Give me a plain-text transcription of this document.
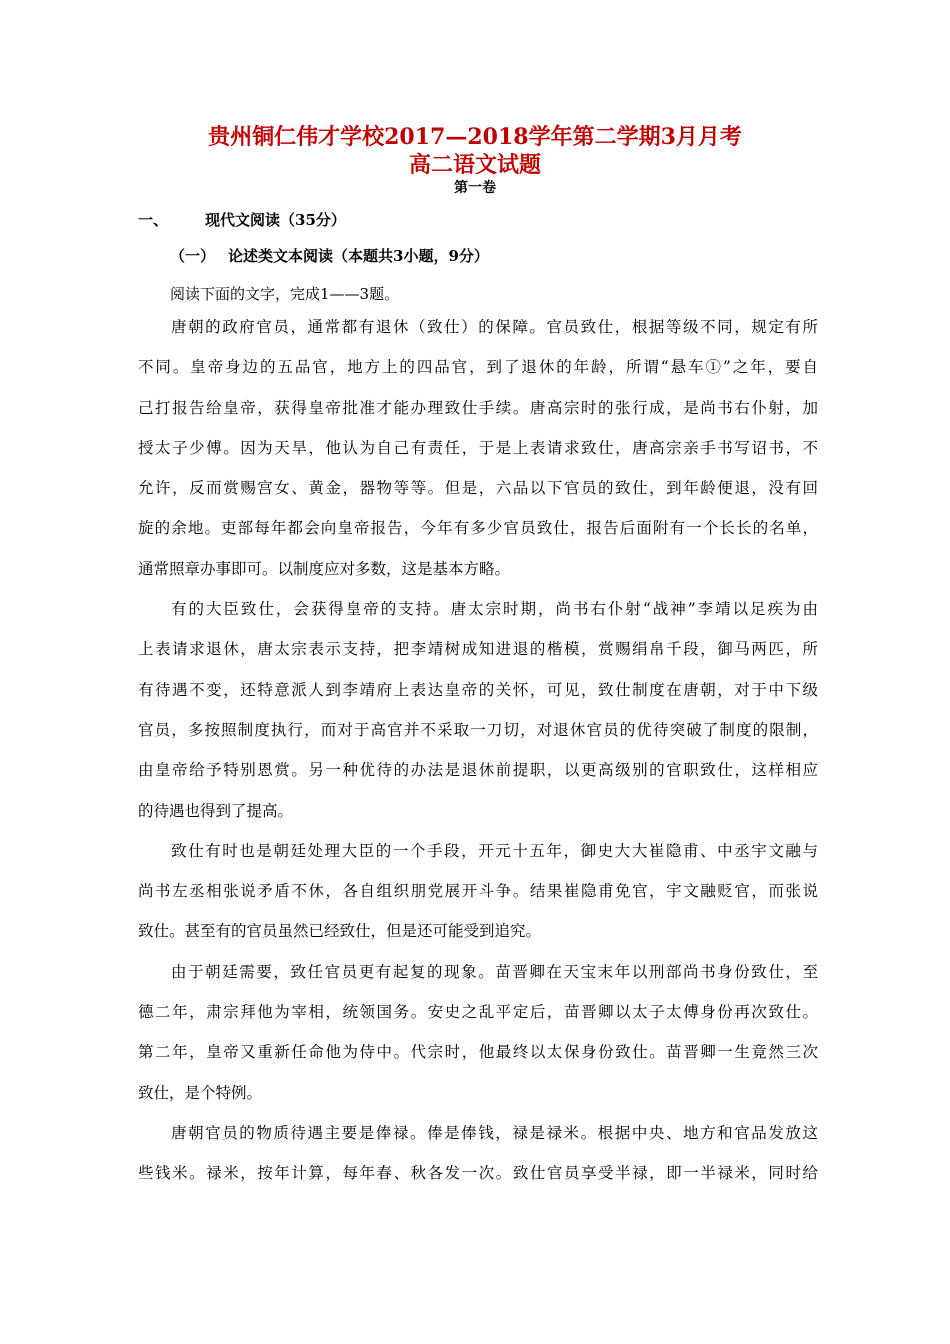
贵州铜仁伟才学校2017—2018学年第二学期3月月考
高二语文试题
第一卷
一、 现代文阅读（35分）
（一） 论述类文本阅读（本题共3小题，9分）
阅读下面的文字，完成1——3题。
唐朝的政府官员，通常都有退休（致仕）的保障。官员致仕，根据等级不同，规定有所
不同。皇帝身边的五品官，地方上的四品官，到了退休的年龄，所谓“悬车①”之年，要自
己打报告给皇帝，获得皇帝批准才能办理致仕手续。唐高宗时的张行成，是尚书右仆射，加
授太子少傅。因为天旱，他认为自己有责任，于是上表请求致仕，唐高宗亲手书写诏书，不
允许，反而赏赐宫女、黄金，器物等等。但是，六品以下官员的致仕，到年龄便退，没有回
旋的余地。吏部每年都会向皇帝报告，今年有多少官员致仕，报告后面附有一个长长的名单，
通常照章办事即可。以制度应对多数，这是基本方略。
有的大臣致仕，会获得皇帝的支持。唐太宗时期，尚书右仆射“战神”李靖以足疾为由
上表请求退休，唐太宗表示支持，把李靖树成知进退的楷模，赏赐绢帛千段，御马两匹，所
有待遇不变，还特意派人到李靖府上表达皇帝的关怀，可见，致仕制度在唐朝，对于中下级
官员，多按照制度执行，而对于高官并不采取一刀切，对退休官员的优待突破了制度的限制，
由皇帝给予特别恩赏。另一种优待的办法是退休前提职，以更高级别的官职致仕，这样相应
的待遇也得到了提高。
致仕有时也是朝廷处理大臣的一个手段，开元十五年，御史大大崔隐甫、中丞宇文融与
尚书左丞相张说矛盾不休，各自组织朋党展开斗争。结果崔隐甫免官，宇文融贬官，而张说
致仕。甚至有的官员虽然已经致仕，但是还可能受到追究。
由于朝廷需要，致任官员更有起复的现象。苗晋卿在天宝末年以刑部尚书身份致仕，至
德二年，肃宗拜他为宰相，统领国务。安史之乱平定后，苗晋卿以太子太傅身份再次致仕。
第二年，皇帝又重新任命他为侍中。代宗时，他最终以太保身份致仕。苗晋卿一生竟然三次
致仕，是个特例。
唐朝官员的物质待遇主要是俸禄。俸是俸钱，禄是禄米。根据中央、地方和官品发放这
些钱米。禄米，按年计算，每年春、秋各发一次。致仕官员享受半禄，即一半禄米，同时给
